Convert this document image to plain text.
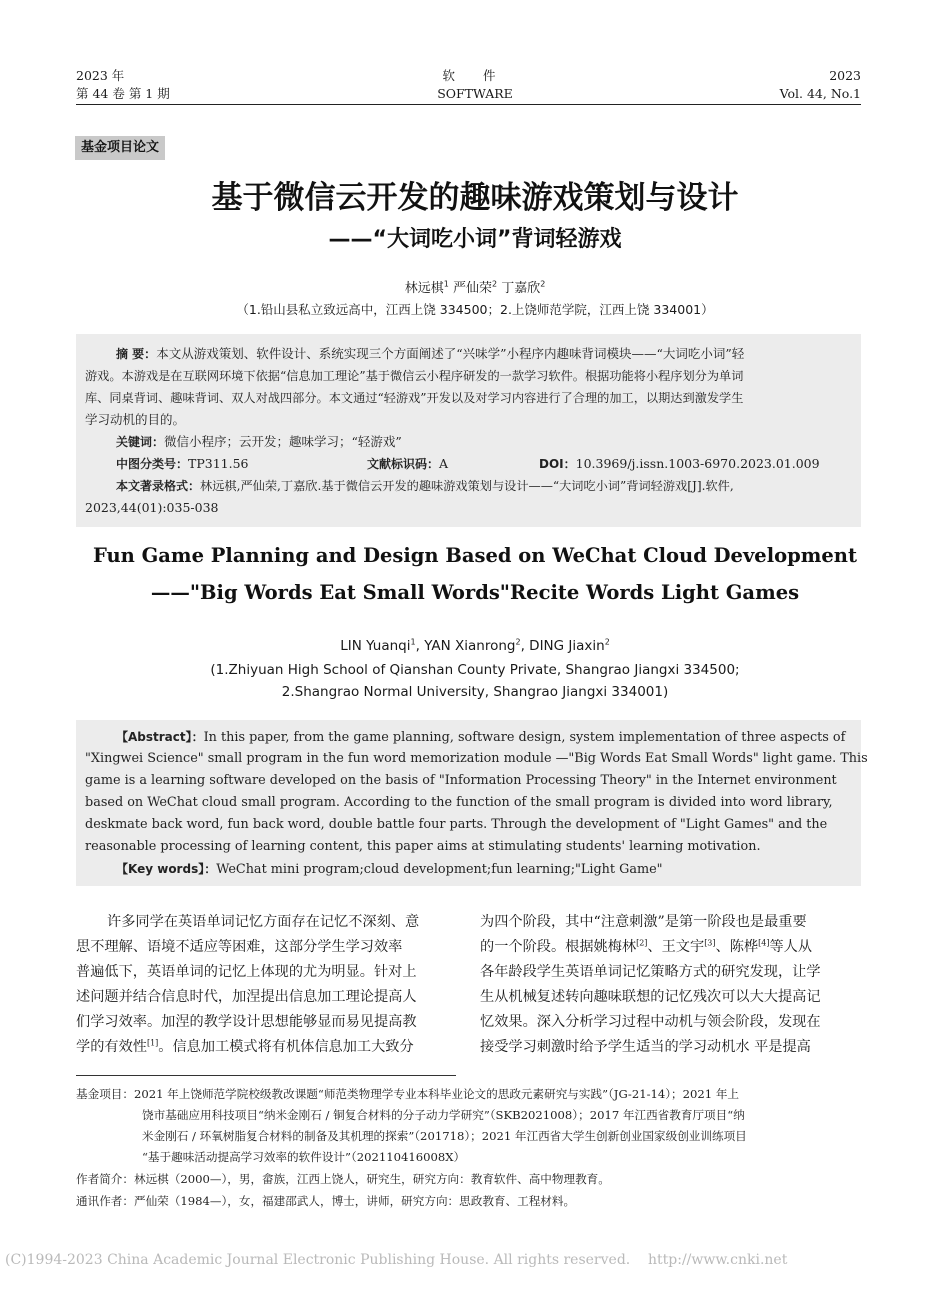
2023 年
第 44 卷 第 1 期
软 件
SOFTWARE
2023
Vol. 44, No.1
基金项目论文
基于微信云开发的趣味游戏策划与设计
——“大词吃小词”背词轻游戏
林远棋$^1$ 严仙荣$^2$ 丁嘉欣$^2$
（1.铅山县私立致远高中，江西上饶 334500；2.上饶师范学院，江西上饶 334001）
摘 要：本文从游戏策划、软件设计、系统实现三个方面阐述了“兴味学”小程序内趣味背词模块——“大词吃小词”轻
游戏。本游戏是在互联网环境下依据“信息加工理论”基于微信云小程序研发的一款学习软件。根据功能将小程序划分为单词
库、同桌背词、趣味背词、双人对战四部分。本文通过“轻游戏”开发以及对学习内容进行了合理的加工，以期达到激发学生
学习动机的目的。
关键词：微信小程序；云开发；趣味学习；“轻游戏”
中图分类号：TP311.56	文献标识码：A	DOI：10.3969/j.issn.1003-6970.2023.01.009
本文著录格式：林远棋,严仙荣,丁嘉欣.基于微信云开发的趣味游戏策划与设计——“大词吃小词”背词轻游戏[J].软件,
2023,44(01):035-038
Fun Game Planning and Design Based on WeChat Cloud Development
——"Big Words Eat Small Words"Recite Words Light Games
LIN Yuanqi$^1$, YAN Xianrong$^2$, DING Jiaxin$^2$
(1.Zhiyuan High School of Qianshan County Private, Shangrao Jiangxi 334500;
2.Shangrao Normal University, Shangrao Jiangxi 334001)
【Abstract】：In this paper, from the game planning, software design, system implementation of three aspects of
"Xingwei Science" small program in the fun word memorization module —"Big Words Eat Small Words" light game. This
game is a learning software developed on the basis of "Information Processing Theory" in the Internet environment
based on WeChat cloud small program. According to the function of the small program is divided into word library,
deskmate back word, fun back word, double battle four parts. Through the development of "Light Games" and the
reasonable processing of learning content, this paper aims at stimulating students' learning motivation.
【Key words】：WeChat mini program;cloud development;fun learning;"Light Game"
许多同学在英语单词记忆方面存在记忆不深刻、意
思不理解、语境不适应等困难，这部分学生学习效率
普遍低下，英语单词的记忆上体现的尤为明显。针对上
述问题并结合信息时代，加涅提出信息加工理论提高人
们学习效率。加涅的教学设计思想能够显而易见提高教
学的有效性[1]。信息加工模式将有机体信息加工大致分
为四个阶段，其中“注意刺激”是第一阶段也是最重要
的一个阶段。根据姚梅林[2]、王文宇[3]、陈桦[4]等人从
各年龄段学生英语单词记忆策略方式的研究发现，让学
生从机械复述转向趣味联想的记忆残次可以大大提高记
忆效果。深入分析学习过程中动机与领会阶段，发现在
接受学习刺激时给予学生适当的学习动机水 平是提高
基金项目：2021 年上饶师范学院校级教改课题“师范类物理学专业本科毕业论文的思政元素研究与实践”（JG-21-14）；2021 年上
饶市基础应用科技项目“纳米金刚石 / 铜复合材料的分子动力学研究”（SKB2021008）；2017 年江西省教育厅项目“纳
米金刚石 / 环氧树脂复合材料的制备及其机理的探索”（201718）；2021 年江西省大学生创新创业国家级创业训练项目
“基于趣味活动提高学习效率的软件设计”（202110416008X）
作者简介：林远棋（2000—），男，畲族，江西上饶人，研究生，研究方向：教育软件、高中物理教育。
通讯作者：严仙荣（1984—），女，福建邵武人，博士，讲师，研究方向：思政教育、工程材料。
(C)1994-2023 China Academic Journal Electronic Publishing House. All rights reserved. http://www.cnki.net
